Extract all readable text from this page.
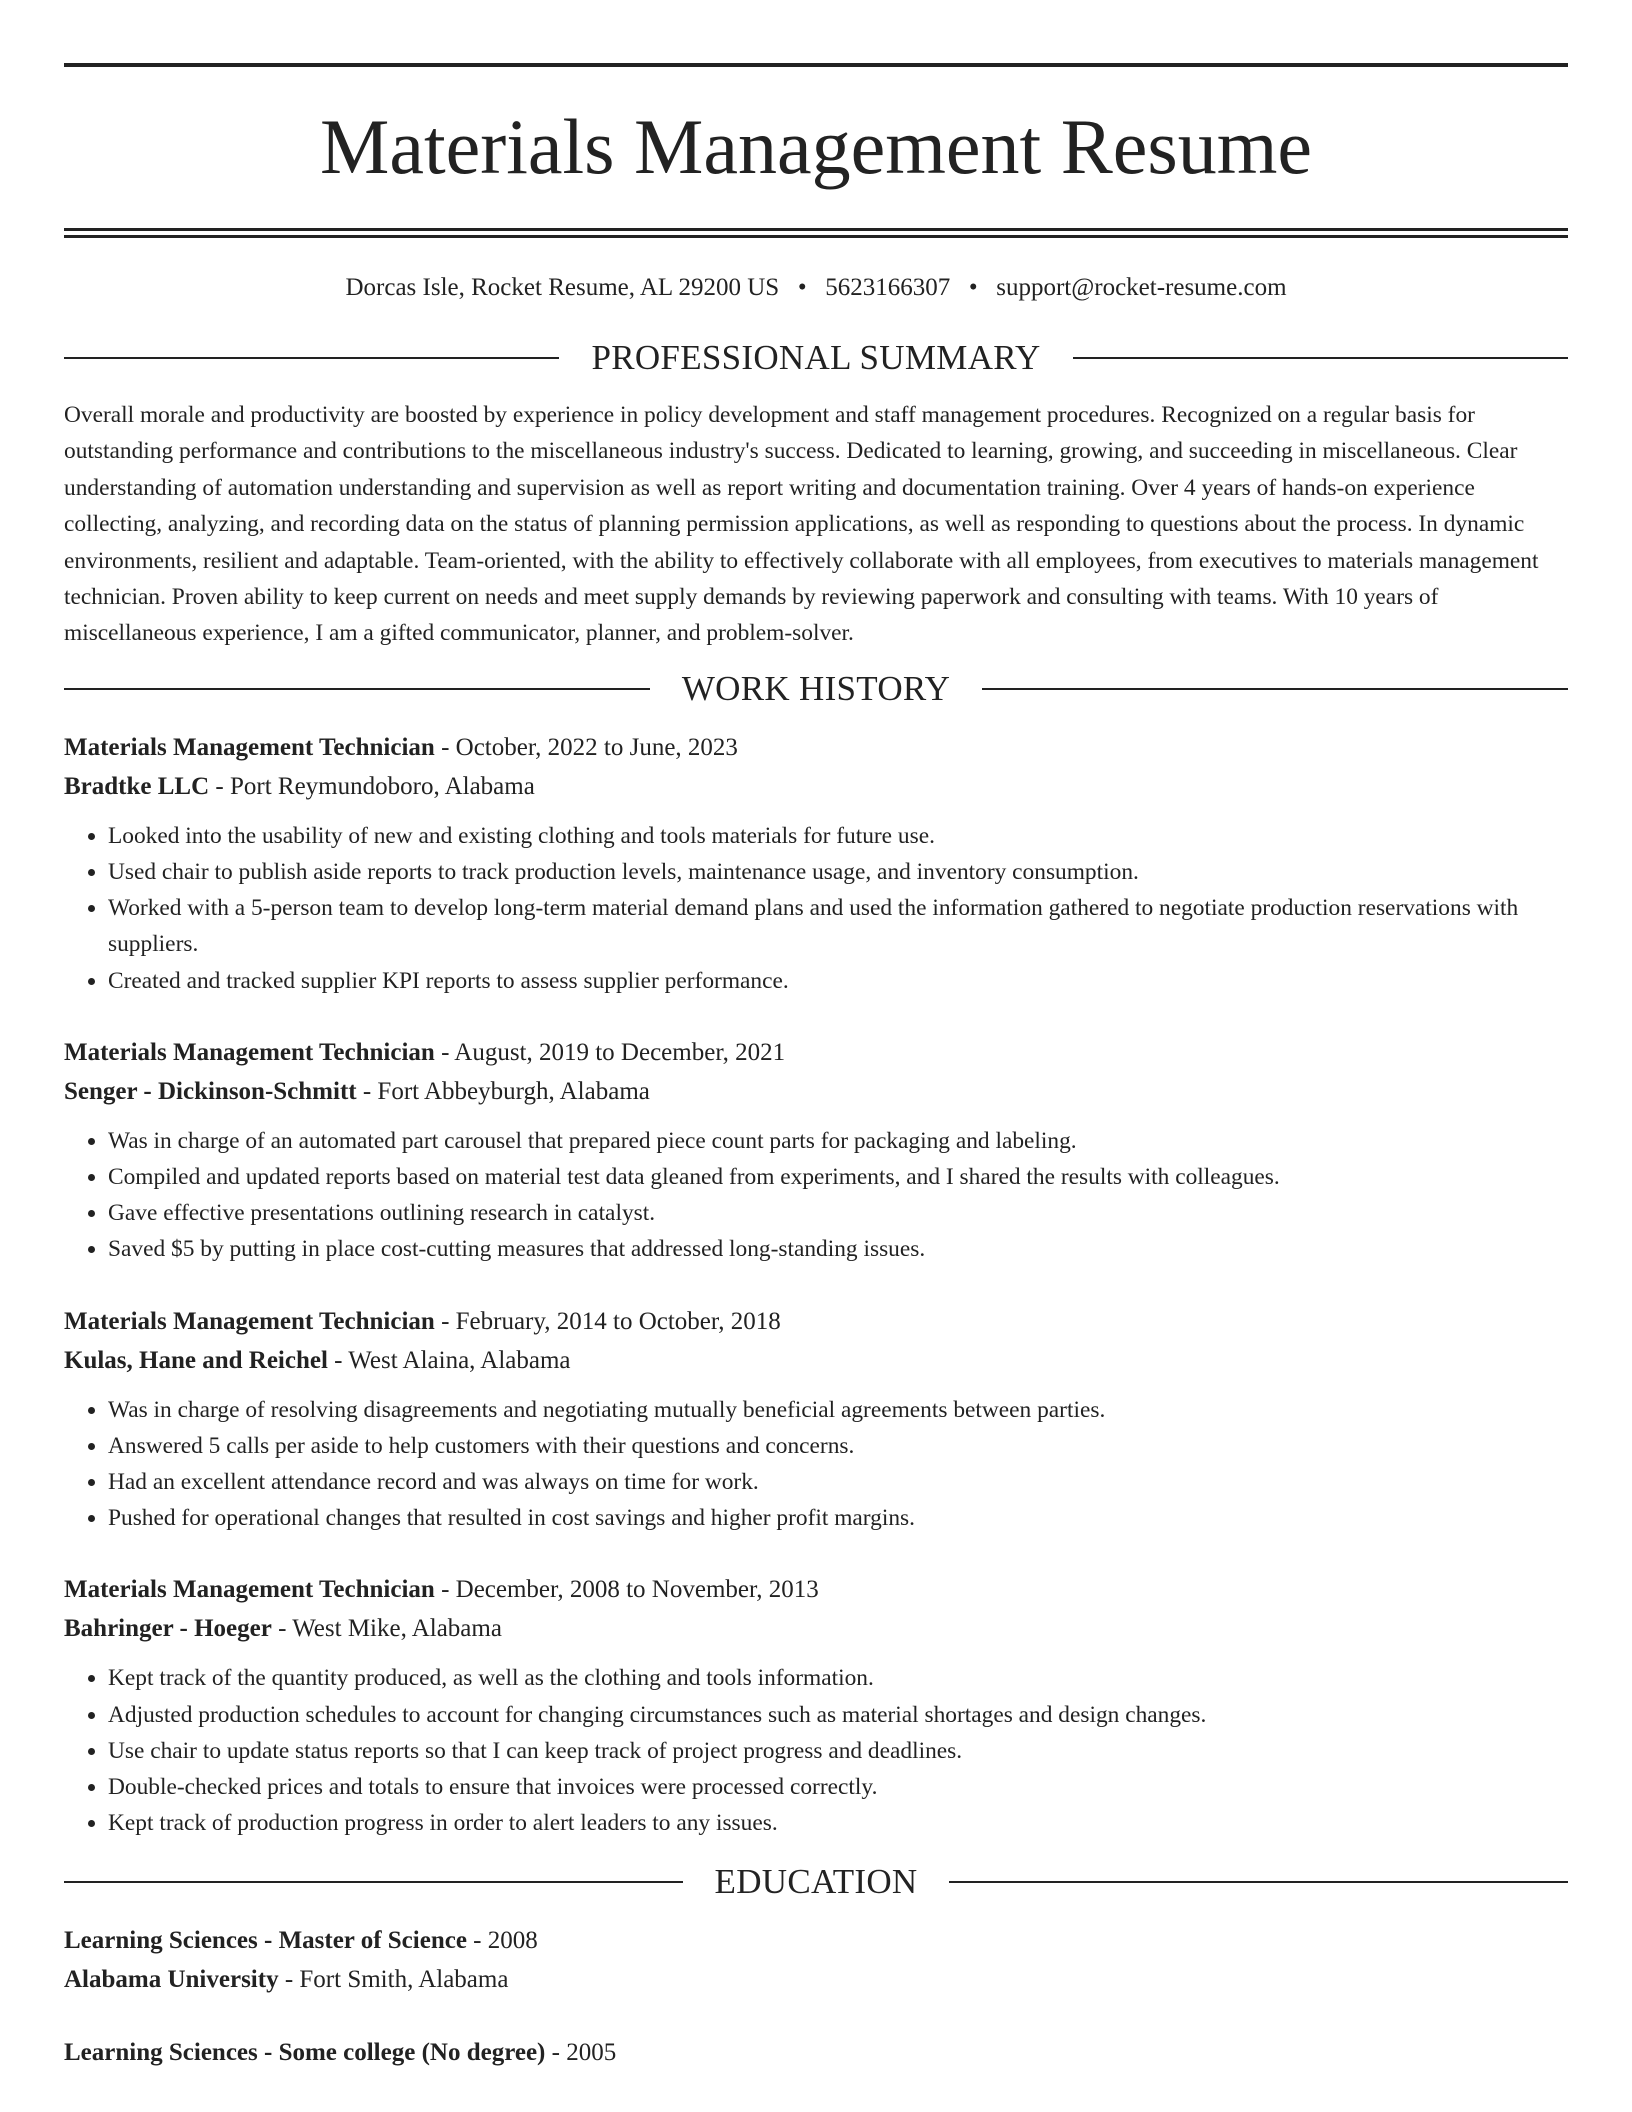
Materials Management Resume
Dorcas Isle, Rocket Resume, AL 29200 US • 5623166307 • support@rocket-resume.com
PROFESSIONAL SUMMARY

Overall morale and productivity are boosted by experience in policy development and staff management procedures. Recognized on a regular basis for outstanding performance and contributions to the miscellaneous industry's success. Dedicated to learning, growing, and succeeding in miscellaneous. Clear understanding of automation understanding and supervision as well as report writing and documentation training. Over 4 years of hands-on experience collecting, analyzing, and recording data on the status of planning permission applications, as well as responding to questions about the process. In dynamic environments, resilient and adaptable. Team-oriented, with the ability to effectively collaborate with all employees, from executives to materials management technician. Proven ability to keep current on needs and meet supply demands by reviewing paperwork and consulting with teams. With 10 years of miscellaneous experience, I am a gifted communicator, planner, and problem-solver.

WORK HISTORY
Materials Management Technician - October, 2022 to June, 2023
Bradtke LLC - Port Reymundoboro, Alabama
• Looked into the usability of new and existing clothing and tools materials for future use.
• Used chair to publish aside reports to track production levels, maintenance usage, and inventory consumption.
• Worked with a 5-person team to develop long-term material demand plans and used the information gathered to negotiate production reservations with suppliers.
• Created and tracked supplier KPI reports to assess supplier performance.
Materials Management Technician - August, 2019 to December, 2021
Senger - Dickinson-Schmitt - Fort Abbeyburgh, Alabama
• Was in charge of an automated part carousel that prepared piece count parts for packaging and labeling.
• Compiled and updated reports based on material test data gleaned from experiments, and I shared the results with colleagues.
• Gave effective presentations outlining research in catalyst.
• Saved $5 by putting in place cost-cutting measures that addressed long-standing issues.
Materials Management Technician - February, 2014 to October, 2018
Kulas, Hane and Reichel - West Alaina, Alabama
• Was in charge of resolving disagreements and negotiating mutually beneficial agreements between parties.
• Answered 5 calls per aside to help customers with their questions and concerns.
• Had an excellent attendance record and was always on time for work.
• Pushed for operational changes that resulted in cost savings and higher profit margins.
Materials Management Technician - December, 2008 to November, 2013
Bahringer - Hoeger - West Mike, Alabama
• Kept track of the quantity produced, as well as the clothing and tools information.
• Adjusted production schedules to account for changing circumstances such as material shortages and design changes.
• Use chair to update status reports so that I can keep track of project progress and deadlines.
• Double-checked prices and totals to ensure that invoices were processed correctly.
• Kept track of production progress in order to alert leaders to any issues.
EDUCATION
Learning Sciences - Master of Science - 2008
Alabama University - Fort Smith, Alabama
Learning Sciences - Some college (No degree) - 2005
